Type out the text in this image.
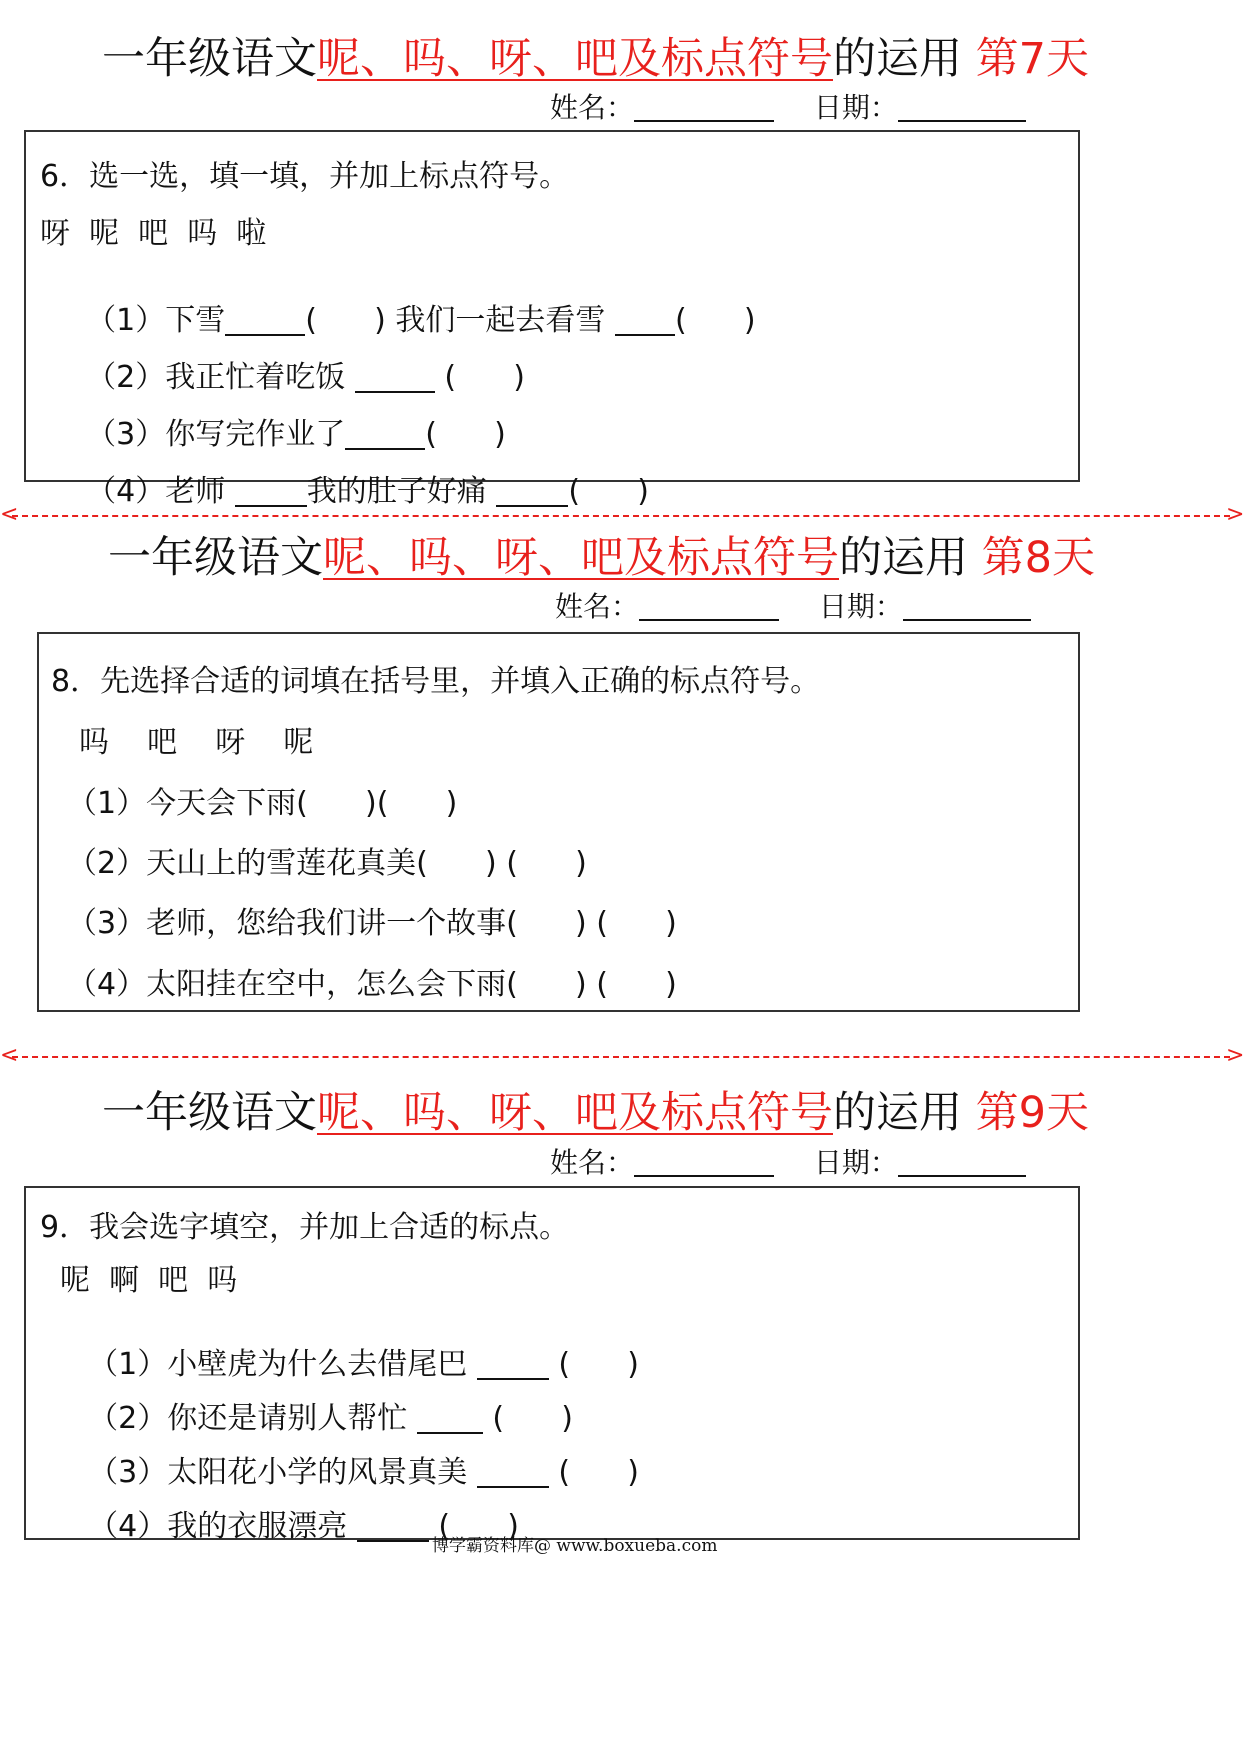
一年级语文呢、吗、呀、吧及标点符号的运用 第7天
姓名：	日期：
6．选一选，填一填，并加上标点符号。
呀  呢  吧  吗  啦

（1）下雪	(      ) 我们一起去看雪 (      )

（2）我正忙着吃饭	(      )

（3）你写完作业了	(      )

（4）老师 我的肚子好痛 (      )

<	>
一年级语文呢、吗、呀、吧及标点符号的运用 第8天
姓名：	日期：
8．先选择合适的词填在括号里，并填入正确的标点符号。
吗    吧    呀    呢
（1）今天会下雨(      )(      )
（2）天山上的雪莲花真美(      ) (      )
（3）老师，您给我们讲一个故事(      ) (      )
（4）太阳挂在空中，怎么会下雨(      ) (      )
<	>
一年级语文呢、吗、呀、吧及标点符号的运用 第9天
姓名：	日期：
9．我会选字填空，并加上合适的标点。
呢  啊  吧  吗

（1）小壁虎为什么去借尾巴  (      )

（2）你还是请别人帮忙  (      )

（3）太阳花小学的风景真美  (      )

（4）我的衣服漂亮  (      )

博学霸资料库@ www.boxueba.com
